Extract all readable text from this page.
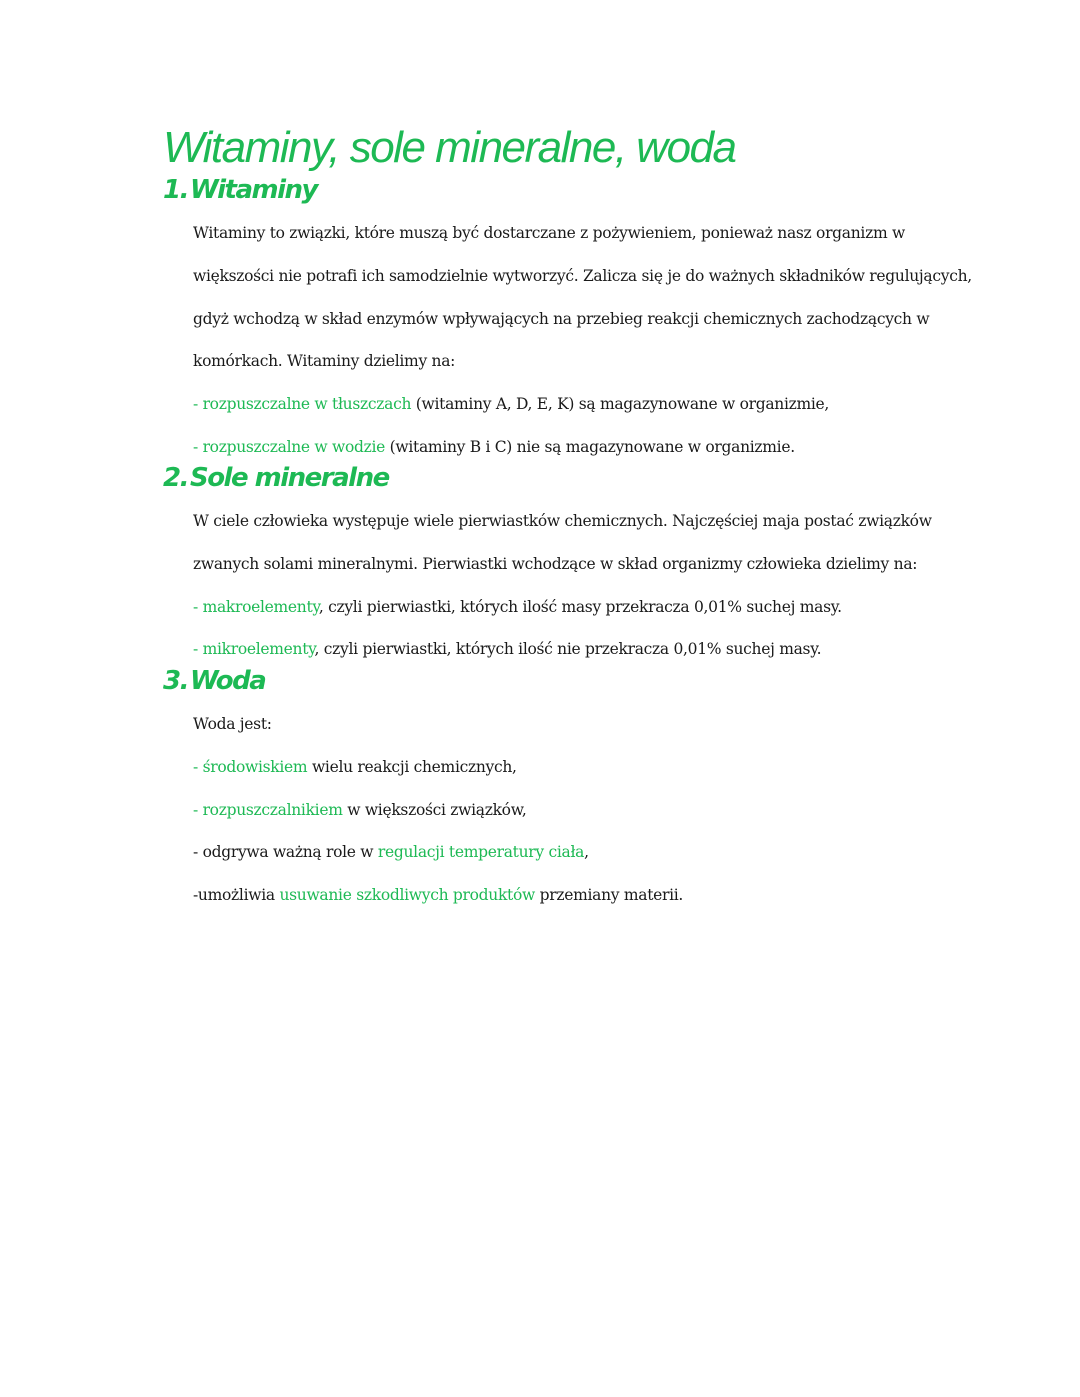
Witaminy, sole mineralne, woda
1.Witaminy

Witaminy to związki, które muszą być dostarczane z pożywieniem, ponieważ nasz organizm w

większości nie potrafi ich samodzielnie wytworzyć. Zalicza się je do ważnych składników regulujących,

gdyż wchodzą w skład enzymów wpływających na przebieg reakcji chemicznych zachodzących w

komórkach. Witaminy dzielimy na:

- rozpuszczalne w tłuszczach (witaminy A, D, E, K) są magazynowane w organizmie,

- rozpuszczalne w wodzie (witaminy B i C) nie są magazynowane w organizmie.

2.Sole mineralne

W ciele człowieka występuje wiele pierwiastków chemicznych. Najczęściej maja postać związków

zwanych solami mineralnymi. Pierwiastki wchodzące w skład organizmy człowieka dzielimy na:

- makroelementy, czyli pierwiastki, których ilość masy przekracza 0,01% suchej masy.

- mikroelementy, czyli pierwiastki, których ilość nie przekracza 0,01% suchej masy.

3.Woda

Woda jest:

- środowiskiem wielu reakcji chemicznych,

- rozpuszczalnikiem w większości związków,

- odgrywa ważną role w regulacji temperatury ciała,

-umożliwia usuwanie szkodliwych produktów przemiany materii.
